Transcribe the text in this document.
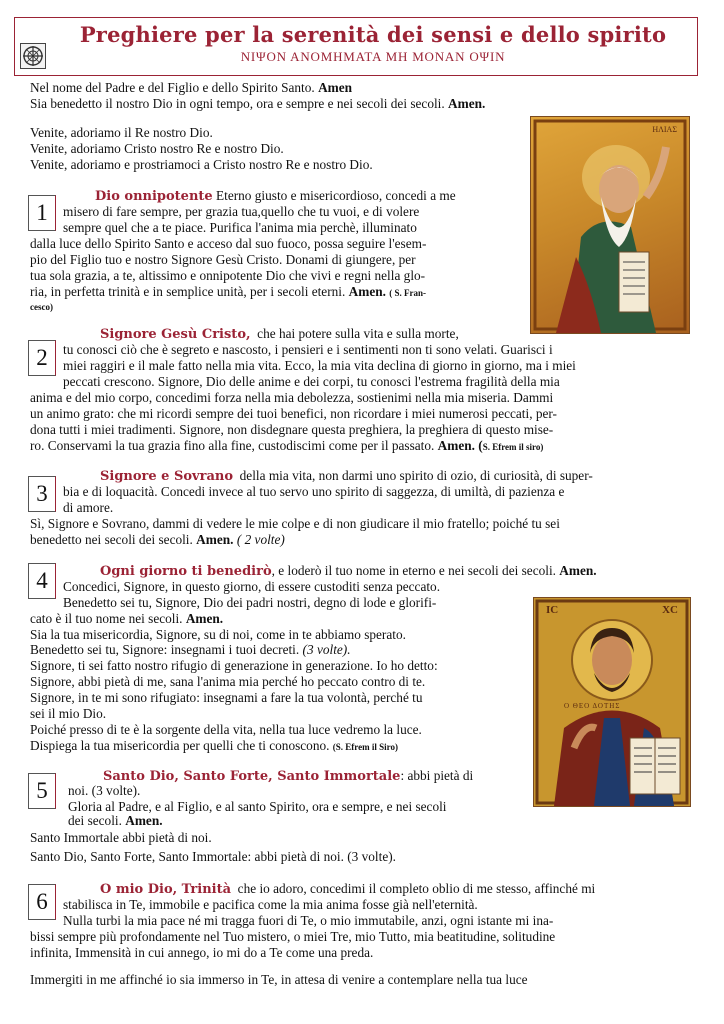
Preghiere per la serenità dei sensi e dello spirito
ΝΙΨΟΝ ΑΝΟΜΗΜΑΤΑ ΜΗ ΜΟΝΑΝ ΟΨΙΝ
Nel nome del Padre e del Figlio e dello Spirito Santo. Amen
Sia benedetto il nostro Dio in ogni tempo, ora e sempre e nei secoli dei secoli. Amen.
Venite, adoriamo il Re nostro Dio.
Venite, adoriamo Cristo nostro Re e nostro Dio.
Venite, adoriamo e prostriamoci a Cristo nostro Re e nostro Dio.
ΗΛΙΑΣ
1
Dio onnipotente Eterno giusto e misericordioso, concedi a me
misero di fare sempre, per grazia tua,quello che tu vuoi, e di volere
sempre quel che a te piace. Purifica l'anima mia perchè, illuminato
dalla luce dello Spirito Santo e acceso dal suo fuoco, possa seguire l'esem-
pio del Figlio tuo e nostro Signore Gesù Cristo. Donami di giungere, per
tua sola grazia, a te, altissimo e onnipotente Dio che vivi e regni nella glo-
ria, in perfetta trinità e in semplice unità, per i secoli eterni. Amen. ( S. Fran-
cesco)
2
Signore Gesù Cristo, che hai potere sulla vita e sulla morte,
tu conosci ciò che è segreto e nascosto, i pensieri e i sentimenti non ti sono velati. Guarisci i
miei raggiri e il male fatto nella mia vita. Ecco, la mia vita declina di giorno in giorno, ma i miei
peccati crescono. Signore, Dio delle anime e dei corpi, tu conosci l'estrema fragilità della mia
anima e del mio corpo, concedimi forza nella mia debolezza, sostienimi nella mia miseria. Dammi
un animo grato: che mi ricordi sempre dei tuoi benefici, non ricordare i miei numerosi peccati, per-
dona tutti i miei tradimenti. Signore, non disdegnare questa preghiera, la preghiera di questo mise-
ro. Conservami la tua grazia fino alla fine, custodiscimi come per il passato. Amen. (S. Efrem il siro)
3
Signore e Sovrano della mia vita, non darmi uno spirito di ozio, di curiosità, di super-
bia e di loquacità. Concedi invece al tuo servo uno spirito di saggezza, di umiltà, di pazienza e
di amore.
Sì, Signore e Sovrano, dammi di vedere le mie colpe e di non giudicare il mio fratello; poiché tu sei
benedetto nei secoli dei secoli. Amen. ( 2 volte)
4	Ogni giorno ti benedirò, e loderò il tuo nome in eterno e nei secoli dei secoli. Amen.
Concedici, Signore, in questo giorno, di essere custoditi senza peccato.
Benedetto sei tu, Signore, Dio dei padri nostri, degno di lode e glorifi-
cato è il tuo nome nei secoli. Amen.
Sia la tua misericordia, Signore, su di noi, come in te abbiamo sperato.
Benedetto sei tu, Signore: insegnami i tuoi decreti. (3 volte).
Signore, ti sei fatto nostro rifugio di generazione in generazione. Io ho detto:
Signore, abbi pietà di me, sana l'anima mia perché ho peccato contro di te.
Signore, in te mi sono rifugiato: insegnami a fare la tua volontà, perché tu
sei il mio Dio.
Poiché presso di te è la sorgente della vita, nella tua luce vedremo la luce.
Dispiega la tua misericordia per quelli che ti conoscono. (S. Efrem il Siro)
IC	XC
Ο ΘΕΟ ΔΟΤΗΣ
5
Santo Dio, Santo Forte, Santo Immortale: abbi pietà di
noi. (3 volte).
Gloria al Padre, e al Figlio, e al santo Spirito, ora e sempre, e nei secoli
dei secoli. Amen.
Santo Immortale abbi pietà di noi.
Santo Dio, Santo Forte, Santo Immortale: abbi pietà di noi. (3 volte).
6	O mio Dio, Trinità che io adoro, concedimi il completo oblio di me stesso, affinché mi
stabilisca in Te, immobile e pacifica come la mia anima fosse già nell'eternità.
Nulla turbi la mia pace né mi tragga fuori di Te, o mio immutabile, anzi, ogni istante mi ina-
bissi sempre più profondamente nel Tuo mistero, o miei Tre, mio Tutto, mia beatitudine, solitudine
infinita, Immensità in cui annego, io mi do a Te come una preda.
Immergiti in me affinché io sia immerso in Te, in attesa di venire a contemplare nella tua luce
